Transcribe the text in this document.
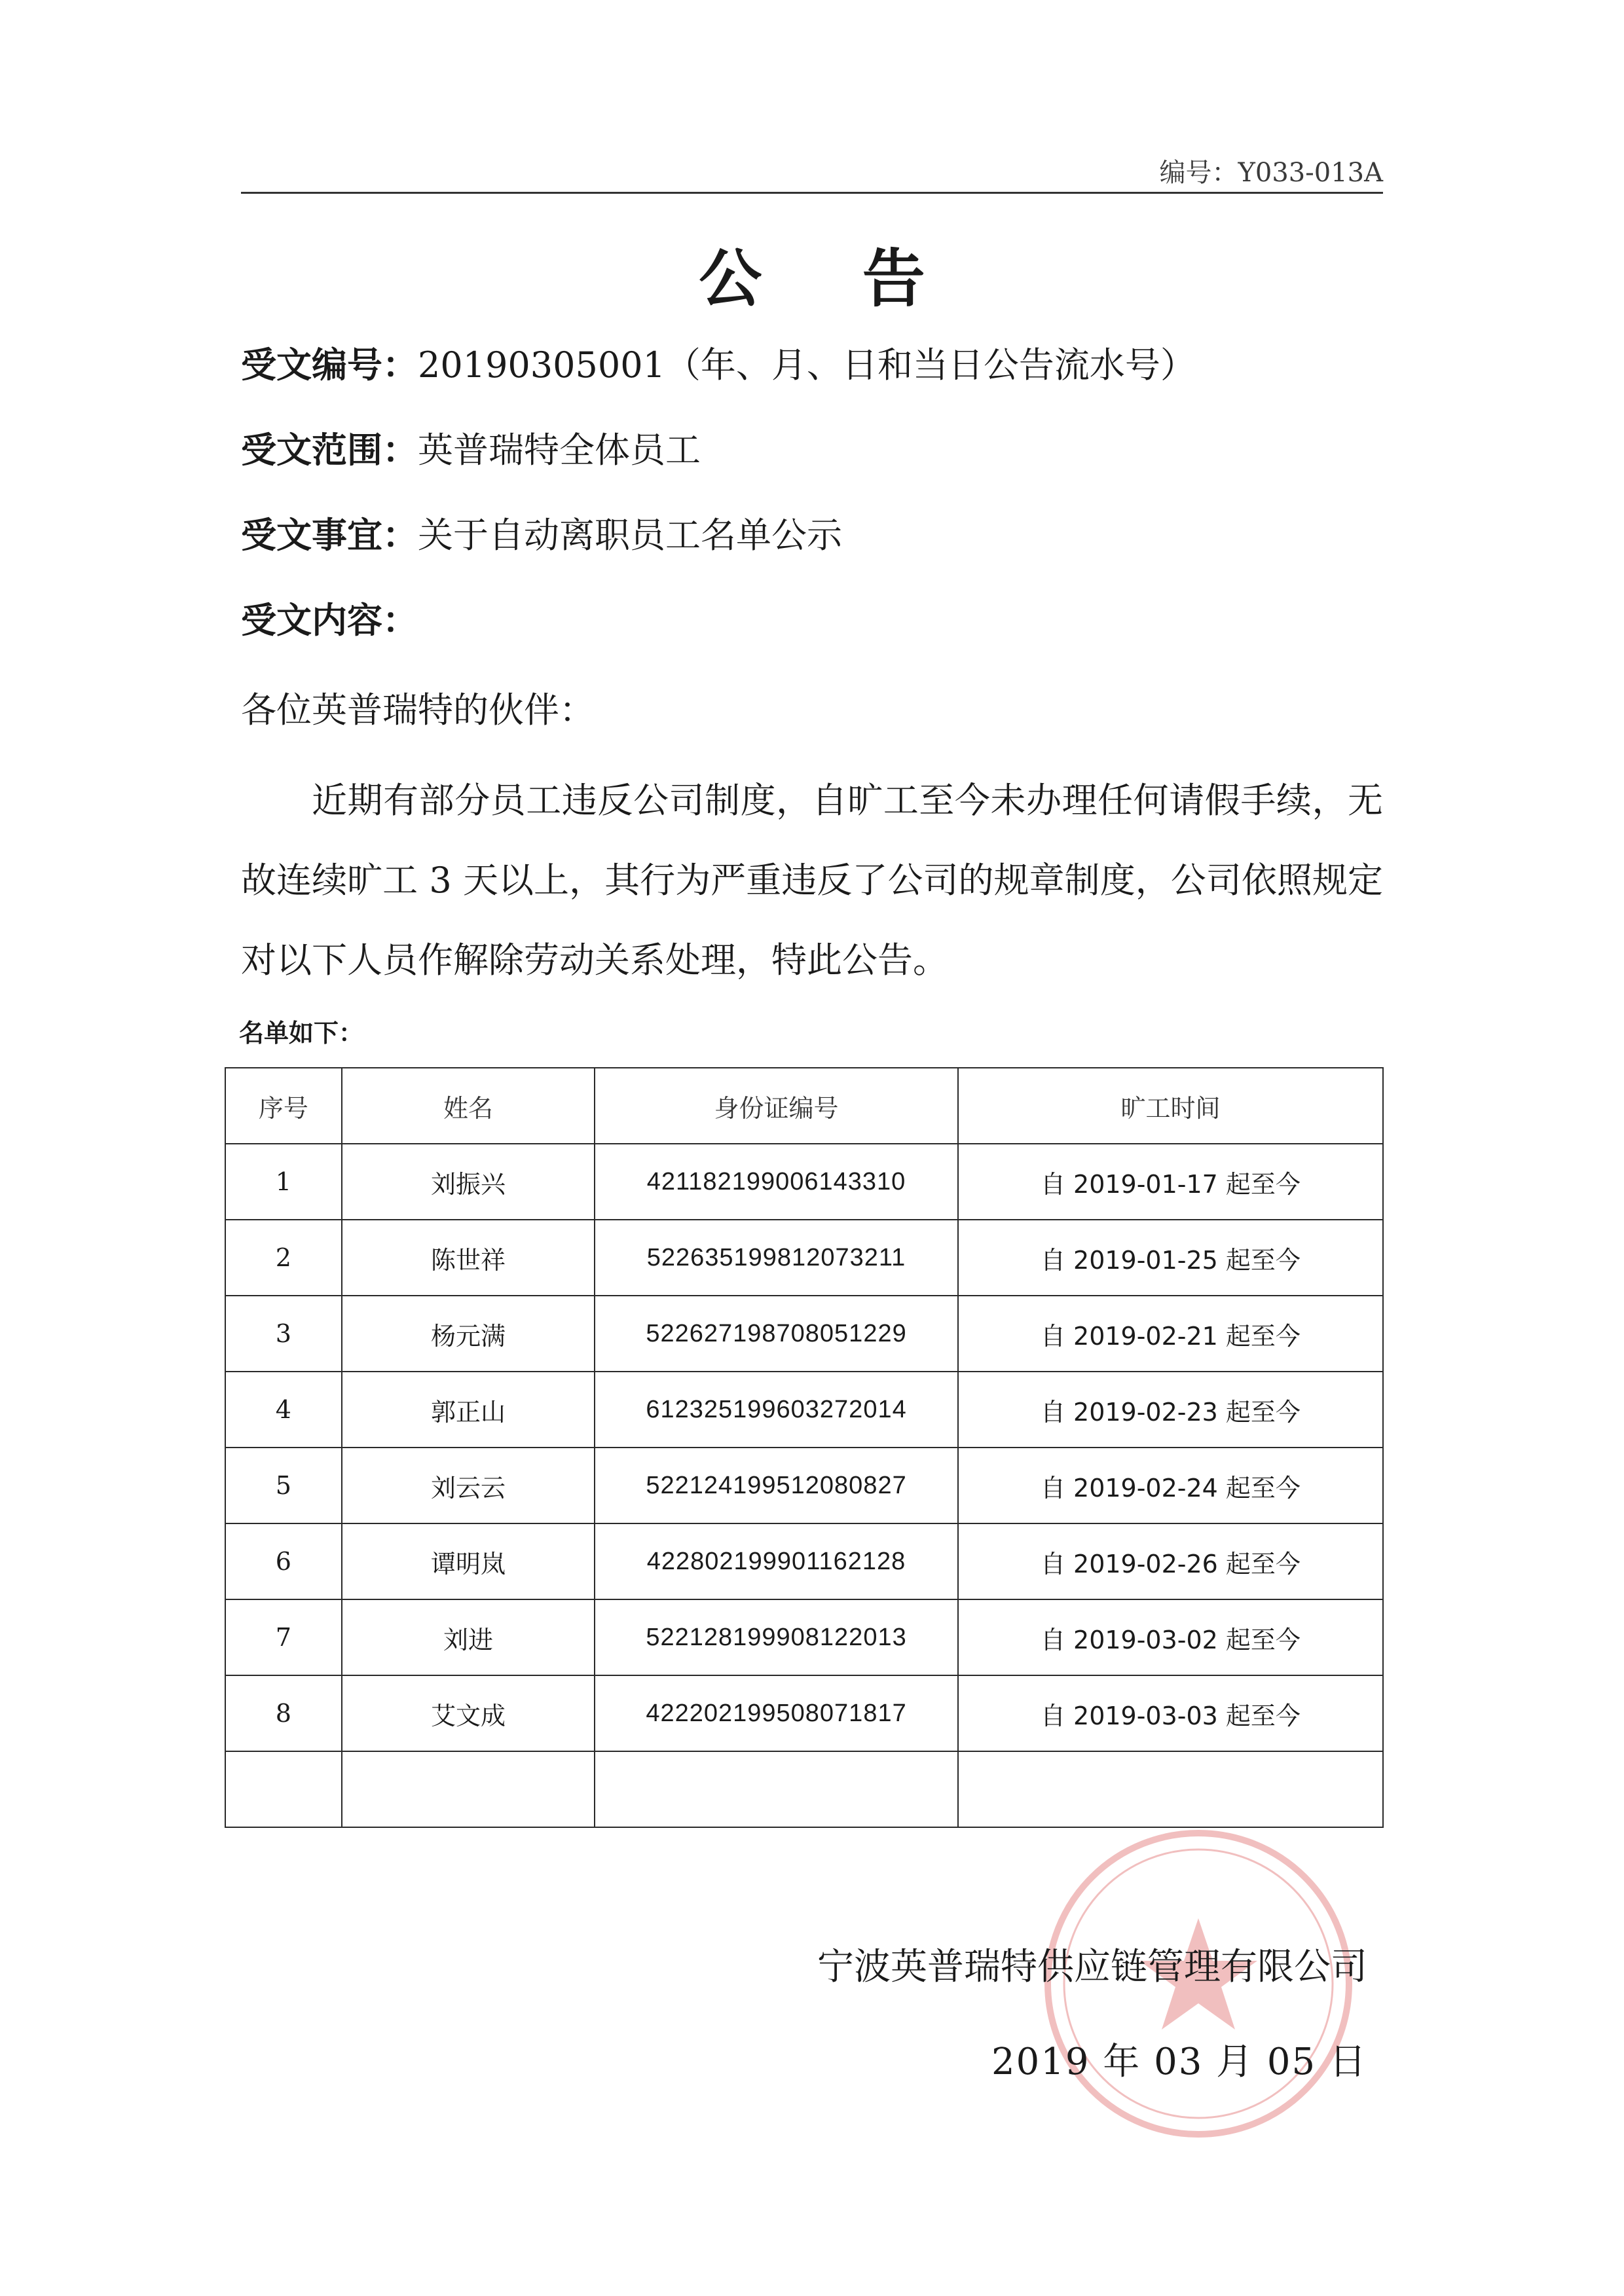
编号：Y033-013A
公 告
受文编号：20190305001（年、月、日和当日公告流水号）
受文范围：英普瑞特全体员工
受文事宜：关于自动离职员工名单公示
受文内容：
各位英普瑞特的伙伴：

近期有部分员工违反公司制度，自旷工至今未办理任何请假手续，无故连续旷工 3 天以上，其行为严重违反了公司的规章制度，公司依照规定对以下人员作解除劳动关系处理，特此公告。

名单如下：
序号	姓名	身份证编号	旷工时间
1	刘振兴	421182199006143310	自 2019-01-17 起至今
2	陈世祥	522635199812073211	自 2019-01-25 起至今
3	杨元满	522627198708051229	自 2019-02-21 起至今
4	郭正山	612325199603272014	自 2019-02-23 起至今
5	刘云云	522124199512080827	自 2019-02-24 起至今
6	谭明岚	422802199901162128	自 2019-02-26 起至今
7	刘进	522128199908122013	自 2019-03-02 起至今
8	艾文成	422202199508071817	自 2019-03-03 起至今

宁波英普瑞特供应链管理有限公司
2019 年 03 月 05 日
